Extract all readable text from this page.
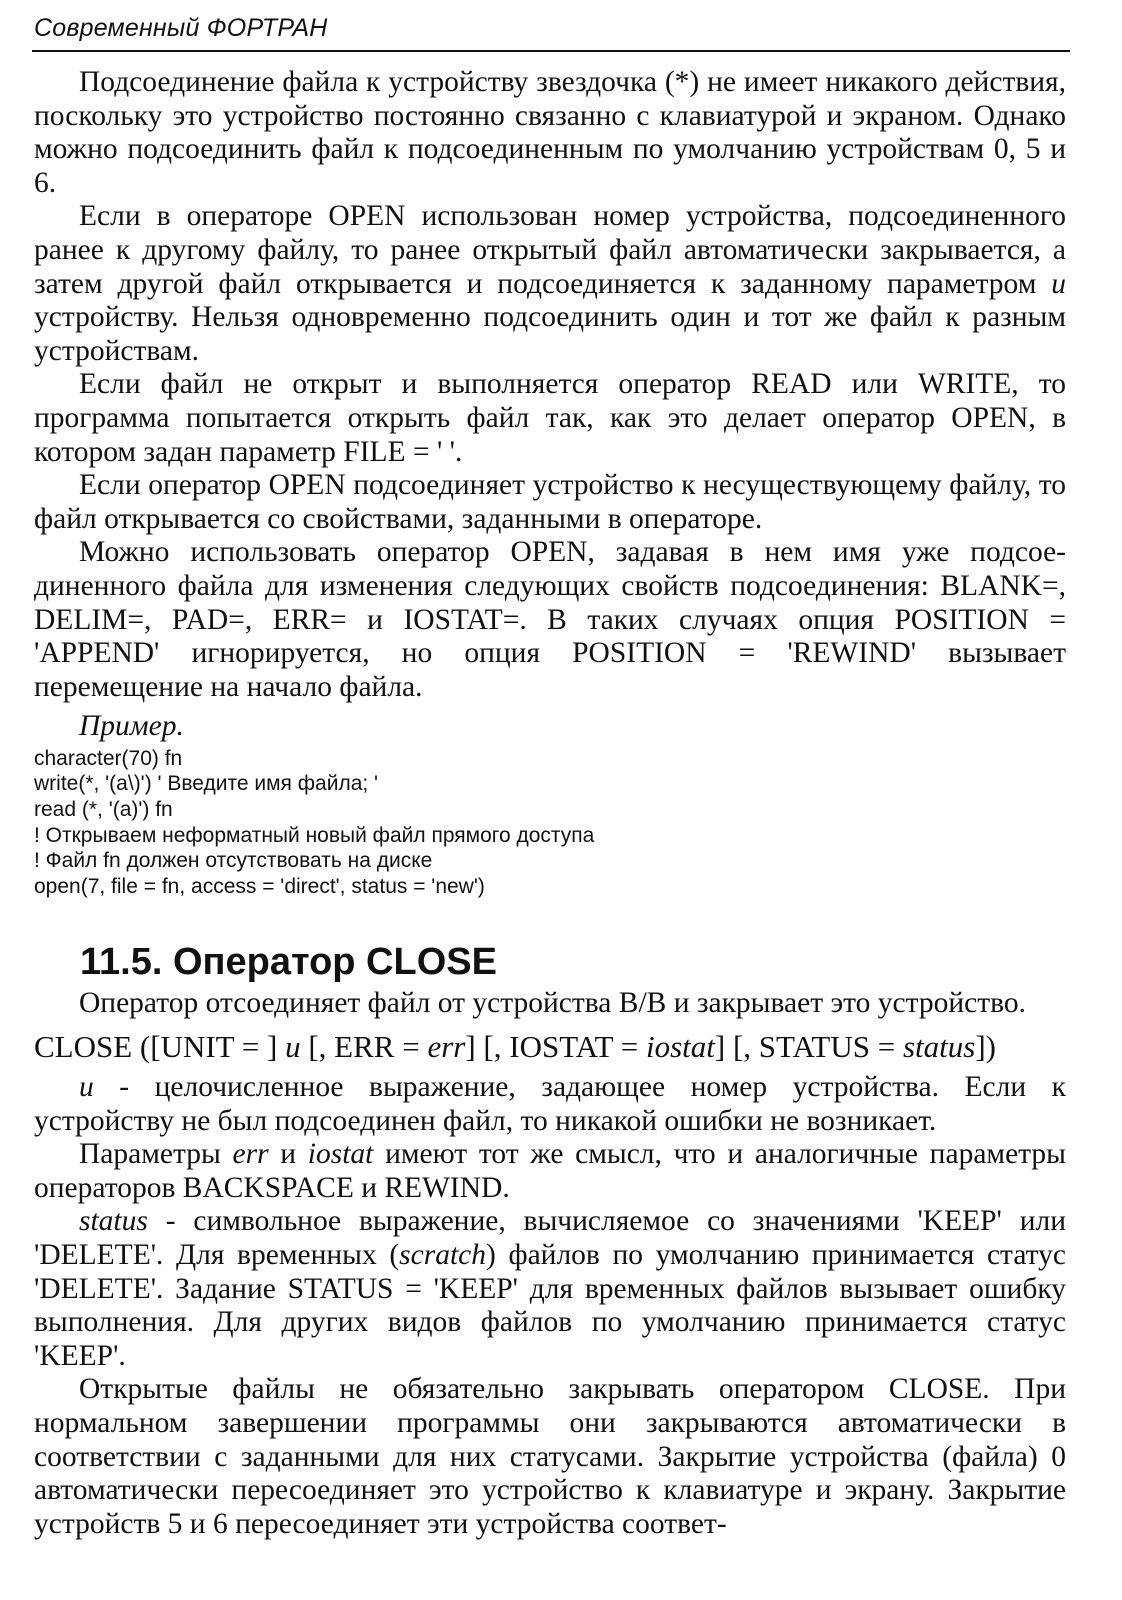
Современный ФОРТРАН

Подсоединение файла к устройству звездочка (*) не имеет никакого действия, поскольку это устройство постоянно связанно с клавиатурой и экраном. Однако можно подсоединить файл к подсоединенным по умолчанию устройствам 0, 5 и 6.

Если в операторе OPEN использован номер устройства, подсоединенного ранее к другому файлу, то ранее открытый файл автоматически закрывается, а затем другой файл открывается и подсоединяется к заданному параметром u устройству. Нельзя одновременно подсоединить один и тот же файл к разным устройствам.

Если файл не открыт и выполняется оператор READ или WRITE, то программа попытается открыть файл так, как это делает оператор OPEN, в котором задан параметр FILE = ' '.

Если оператор OPEN подсоединяет устройство к несуществующему файлу, то файл открывается со свойствами, заданными в операторе.

Можно использовать оператор OPEN, задавая в нем имя уже подсоединенного файла для изменения следующих свойств подсоединения: BLANK=, DELIM=, PAD=, ERR= и IOSTAT=. В таких случаях опция POSITION = 'APPEND' игнорируется, но опция POSITION = 'REWIND' вызывает перемещение на начало файла.

Пример.

character(70) fn
write(*, '(a\)') ' Введите имя файла; '
read (*, '(a)') fn
! Открываем неформатный новый файл прямого доступа
! Файл fn должен отсутствовать на диске
open(7, file = fn, access = 'direct', status = 'new')
11.5. Оператор CLOSE

Оператор отсоединяет файл от устройства В/В и закрывает это устройство.

CLOSE ([UNIT = ] u [, ERR = err] [, IOSTAT = iostat] [, STATUS = status])

u - целочисленное выражение, задающее номер устройства. Если к устройству не был подсоединен файл, то никакой ошибки не возникает.

Параметры err и iostat имеют тот же смысл, что и аналогичные параметры операторов BACKSPACE и REWIND.

status - символьное выражение, вычисляемое со значениями 'KEEP' или 'DELETE'. Для временных (scratch) файлов по умолчанию принимается статус 'DELETE'. Задание STATUS = 'KEEP' для временных файлов вызывает ошибку выполнения. Для других видов файлов по умолчанию принимается статус 'KEEP'.

Открытые файлы не обязательно закрывать оператором CLOSE. При нормальном завершении программы они закрываются автоматически в соответствии с заданными для них статусами. Закрытие устройства (файла) 0 автоматически пересоединяет это устройство к клавиатуре и экрану. Закрытие устройств 5 и 6 пересоединяет эти устройства соответ-
